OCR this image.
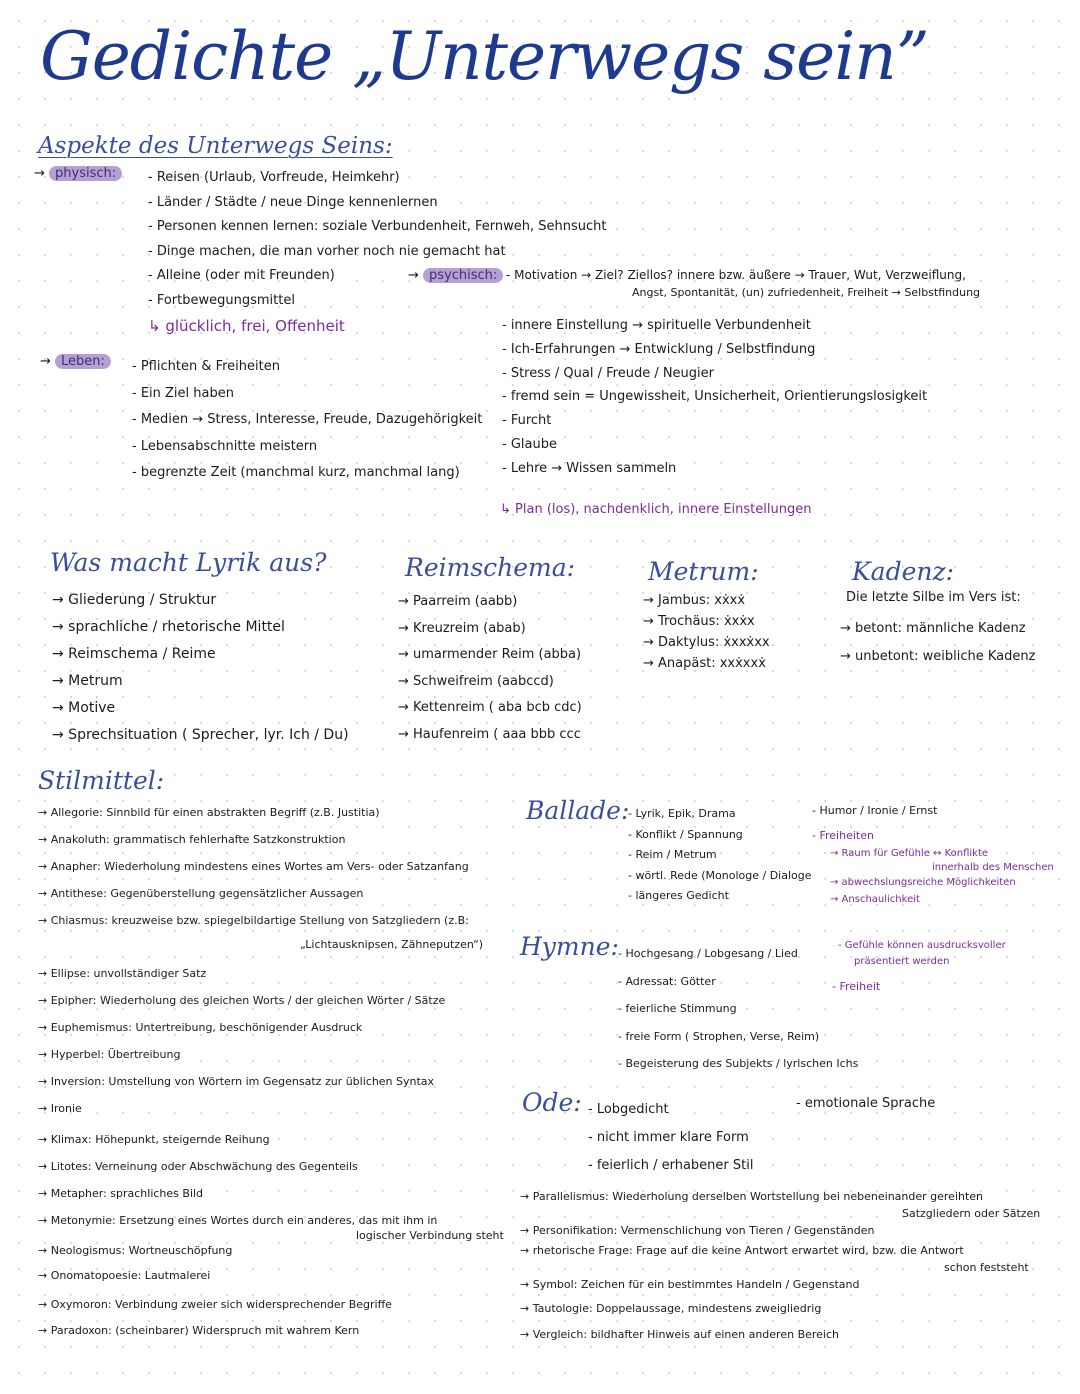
Gedichte „Unterwegs sein”
Aspekte des Unterwegs Seins:
→ physisch:	- Reisen (Urlaub, Vorfreude, Heimkehr)
- Länder / Städte / neue Dinge kennenlernen
- Personen kennen lernen: soziale Verbundenheit, Fernweh, Sehnsucht
- Dinge machen, die man vorher noch nie gemacht hat
- Alleine (oder mit Freunden)
- Fortbewegungsmittel
↳ glücklich, frei, Offenheit
→ Leben:	- Pflichten & Freiheiten
- Ein Ziel haben
- Medien → Stress, Interesse, Freude, Dazugehörigkeit
- Lebensabschnitte meistern
- begrenzte Zeit (manchmal kurz, manchmal lang)
→ psychisch: - Motivation → Ziel? Ziellos? innere bzw. äußere → Trauer, Wut, Verzweiflung,
Angst, Spontanität, (un) zufriedenheit, Freiheit → Selbstfindung
- innere Einstellung → spirituelle Verbundenheit
- Ich-Erfahrungen → Entwicklung / Selbstfindung
- Stress / Qual / Freude / Neugier
- fremd sein = Ungewissheit, Unsicherheit, Orientierungslosigkeit
- Furcht
- Glaube
- Lehre → Wissen sammeln
↳ Plan (los), nachdenklich, innere Einstellungen
Was macht Lyrik aus?
→ Gliederung / Struktur
→ sprachliche / rhetorische Mittel
→ Reimschema / Reime
→ Metrum
→ Motive
→ Sprechsituation ( Sprecher, lyr. Ich / Du)
Reimschema:
→ Paarreim (aabb)
→ Kreuzreim (abab)
→ umarmender Reim (abba)
→ Schweifreim (aabccd)
→ Kettenreim ( aba bcb cdc)
→ Haufenreim ( aaa bbb ccc
Metrum:
→ Jambus: xẋxẋ
→ Trochäus: ẋxẋx
→ Daktylus: ẋxxẋxx
→ Anapäst: xxẋxxẋ
Kadenz:
Die letzte Silbe im Vers ist:
→ betont: männliche Kadenz
→ unbetont: weibliche Kadenz
Stilmittel:
→ Allegorie: Sinnbild für einen abstrakten Begriff (z.B. Justitia)
→ Anakoluth: grammatisch fehlerhafte Satzkonstruktion
→ Anapher: Wiederholung mindestens eines Wortes am Vers- oder Satzanfang
→ Antithese: Gegenüberstellung gegensätzlicher Aussagen
→ Chiasmus: kreuzweise bzw. spiegelbildartige Stellung von Satzgliedern (z.B:
„Lichtausknipsen, Zähneputzen“)
→ Ellipse: unvollständiger Satz
→ Epipher: Wiederholung des gleichen Worts / der gleichen Wörter / Sätze
→ Euphemismus: Untertreibung, beschönigender Ausdruck
→ Hyperbel: Übertreibung
→ Inversion: Umstellung von Wörtern im Gegensatz zur üblichen Syntax
→ Ironie
→ Klimax: Höhepunkt, steigernde Reihung
→ Litotes: Verneinung oder Abschwächung des Gegenteils
→ Metapher: sprachliches Bild
→ Metonymie: Ersetzung eines Wortes durch ein anderes, das mit ihm in
logischer Verbindung steht
→ Neologismus: Wortneuschöpfung
→ Onomatopoesie: Lautmalerei
→ Oxymoron: Verbindung zweier sich widersprechender Begriffe
→ Paradoxon: (scheinbarer) Widerspruch mit wahrem Kern
Ballade:
- Lyrik, Epik, Drama
- Konflikt / Spannung
- Reim / Metrum
- wörtl. Rede (Monologe / Dialoge
- längeres Gedicht
- Humor / Ironie / Ernst
- Freiheiten
→ Raum für Gefühle ↔ Konflikte
innerhalb des Menschen
→ abwechslungsreiche Möglichkeiten
→ Anschaulichkeit
Hymne: - Hochgesang / Lobgesang / Lied
- Adressat: Götter
- feierliche Stimmung
- freie Form ( Strophen, Verse, Reim)
- Begeisterung des Subjekts / lyrischen Ichs
- Gefühle können ausdrucksvoller
präsentiert werden
- Freiheit
Ode: - Lobgedicht
- nicht immer klare Form
- feierlich / erhabener Stil
- emotionale Sprache
→ Parallelismus: Wiederholung derselben Wortstellung bei nebeneinander gereihten
Satzgliedern oder Sätzen
→ Personifikation: Vermenschlichung von Tieren / Gegenständen
→ rhetorische Frage: Frage auf die keine Antwort erwartet wird, bzw. die Antwort
schon feststeht
→ Symbol: Zeichen für ein bestimmtes Handeln / Gegenstand
→ Tautologie: Doppelaussage, mindestens zweigliedrig
→ Vergleich: bildhafter Hinweis auf einen anderen Bereich
